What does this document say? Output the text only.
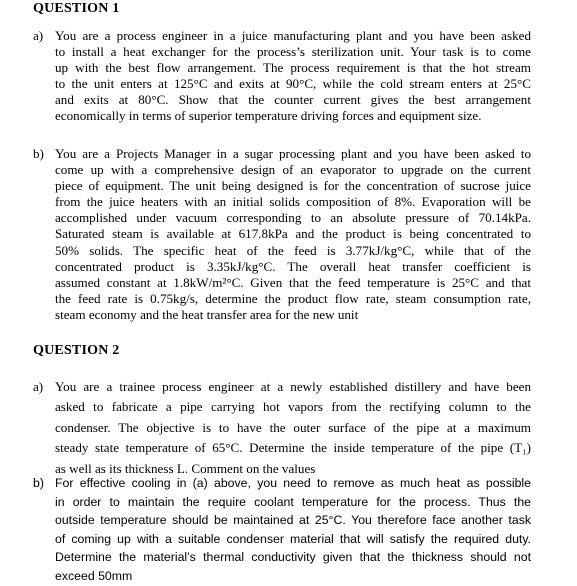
QUESTION 1
a) You are a process engineer in a juice manufacturing plant and you have been asked
to install a heat exchanger for the process’s sterilization unit. Your task is to come
up with the best flow arrangement. The process requirement is that the hot stream
to the unit enters at 125°C and exits at 90°C, while the cold stream enters at 25°C
and exits at 80°C. Show that the counter current gives the best arrangement
economically in terms of superior temperature driving forces and equipment size.
b) You are a Projects Manager in a sugar processing plant and you have been asked to
come up with a comprehensive design of an evaporator to upgrade on the current
piece of equipment. The unit being designed is for the concentration of sucrose juice
from the juice heaters with an initial solids composition of 8%. Evaporation will be
accomplished under vacuum corresponding to an absolute pressure of 70.14kPa.
Saturated steam is available at 617.8kPa and the product is being concentrated to
50% solids. The specific heat of the feed is 3.77kJ/kg°C, while that of the
concentrated product is 3.35kJ/kg°C. The overall heat transfer coefficient is
assumed constant at 1.8kW/m²°C. Given that the feed temperature is 25°C and that
the feed rate is 0.75kg/s, determine the product flow rate, steam consumption rate,
steam economy and the heat transfer area for the new unit
QUESTION 2
a) You are a trainee process engineer at a newly established distillery and have been
asked to fabricate a pipe carrying hot vapors from the rectifying column to the
condenser. The objective is to have the outer surface of the pipe at a maximum
steady state temperature of 65°C. Determine the inside temperature of the pipe (T₁)
as well as its thickness L. Comment on the values
b) For effective cooling in (a) above, you need to remove as much heat as possible
in order to maintain the require coolant temperature for the process. Thus the
outside temperature should be maintained at 25°C. You therefore face another task
of coming up with a suitable condenser material that will satisfy the required duty.
Determine the material’s thermal conductivity given that the thickness should not
exceed 50mm
